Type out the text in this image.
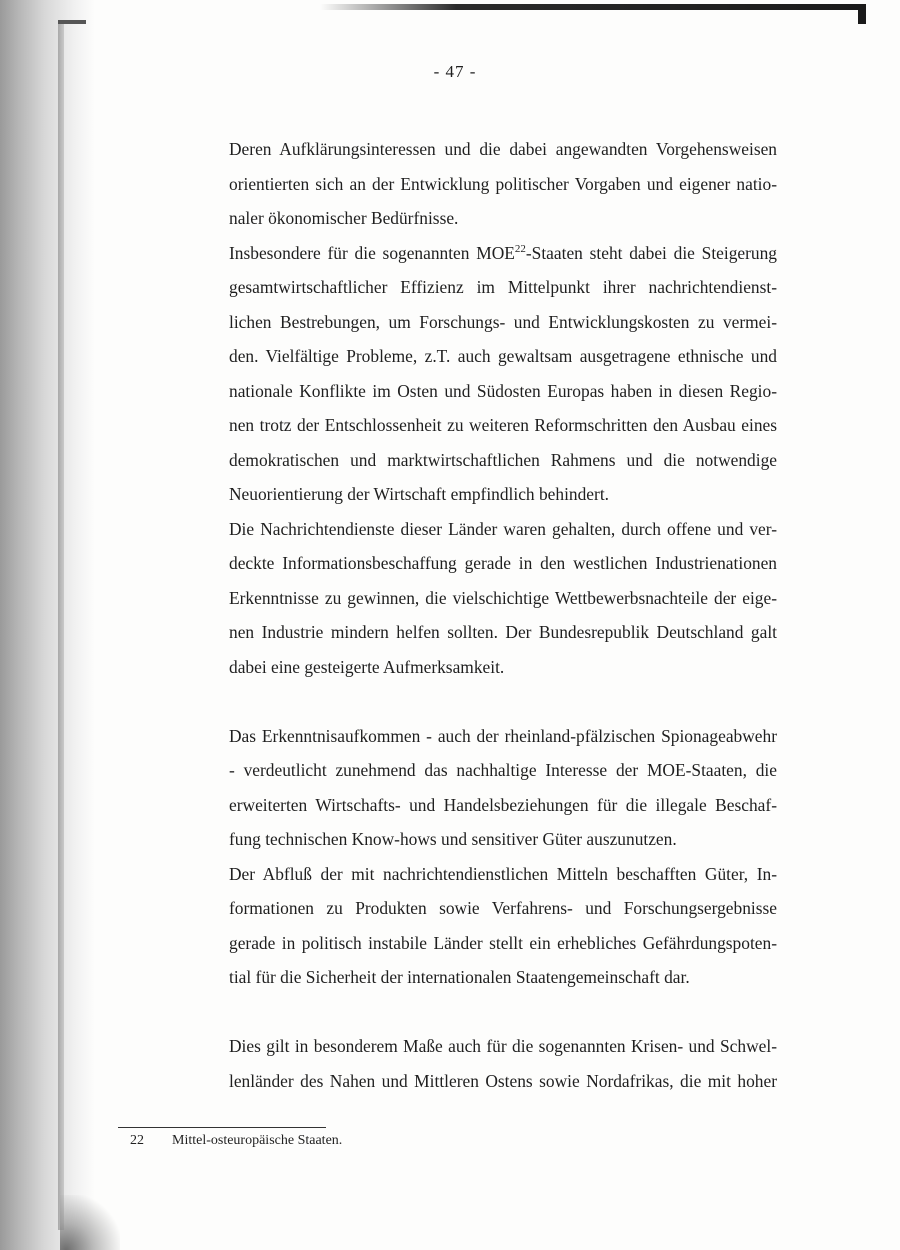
- 47 -
Deren Aufklärungsinteressen und die dabei angewandten Vorgehensweisen
orientierten sich an der Entwicklung politischer Vorgaben und eigener natio-
naler ökonomischer Bedürfnisse.
Insbesondere für die sogenannten MOE$^{22}$-Staaten steht dabei die Steigerung
gesamtwirtschaftlicher Effizienz im Mittelpunkt ihrer nachrichtendienst-
lichen Bestrebungen, um Forschungs- und Entwicklungskosten zu vermei-
den. Vielfältige Probleme, z.T. auch gewaltsam ausgetragene ethnische und
nationale Konflikte im Osten und Südosten Europas haben in diesen Regio-
nen trotz der Entschlossenheit zu weiteren Reformschritten den Ausbau eines
demokratischen und marktwirtschaftlichen Rahmens und die notwendige
Neuorientierung der Wirtschaft empfindlich behindert.
Die Nachrichtendienste dieser Länder waren gehalten, durch offene und ver-
deckte Informationsbeschaffung gerade in den westlichen Industrienationen
Erkenntnisse zu gewinnen, die vielschichtige Wettbewerbsnachteile der eige-
nen Industrie mindern helfen sollten. Der Bundesrepublik Deutschland galt
dabei eine gesteigerte Aufmerksamkeit.
Das Erkenntnisaufkommen - auch der rheinland-pfälzischen Spionageabwehr
- verdeutlicht zunehmend das nachhaltige Interesse der MOE-Staaten, die
erweiterten Wirtschafts- und Handelsbeziehungen für die illegale Beschaf-
fung technischen Know-hows und sensitiver Güter auszunutzen.
Der Abfluß der mit nachrichtendienstlichen Mitteln beschafften Güter, In-
formationen zu Produkten sowie Verfahrens- und Forschungsergebnisse
gerade in politisch instabile Länder stellt ein erhebliches Gefährdungspoten-
tial für die Sicherheit der internationalen Staatengemeinschaft dar.
Dies gilt in besonderem Maße auch für die sogenannten Krisen- und Schwel-
lenländer des Nahen und Mittleren Ostens sowie Nordafrikas, die mit hoher
22 Mittel-osteuropäische Staaten.
